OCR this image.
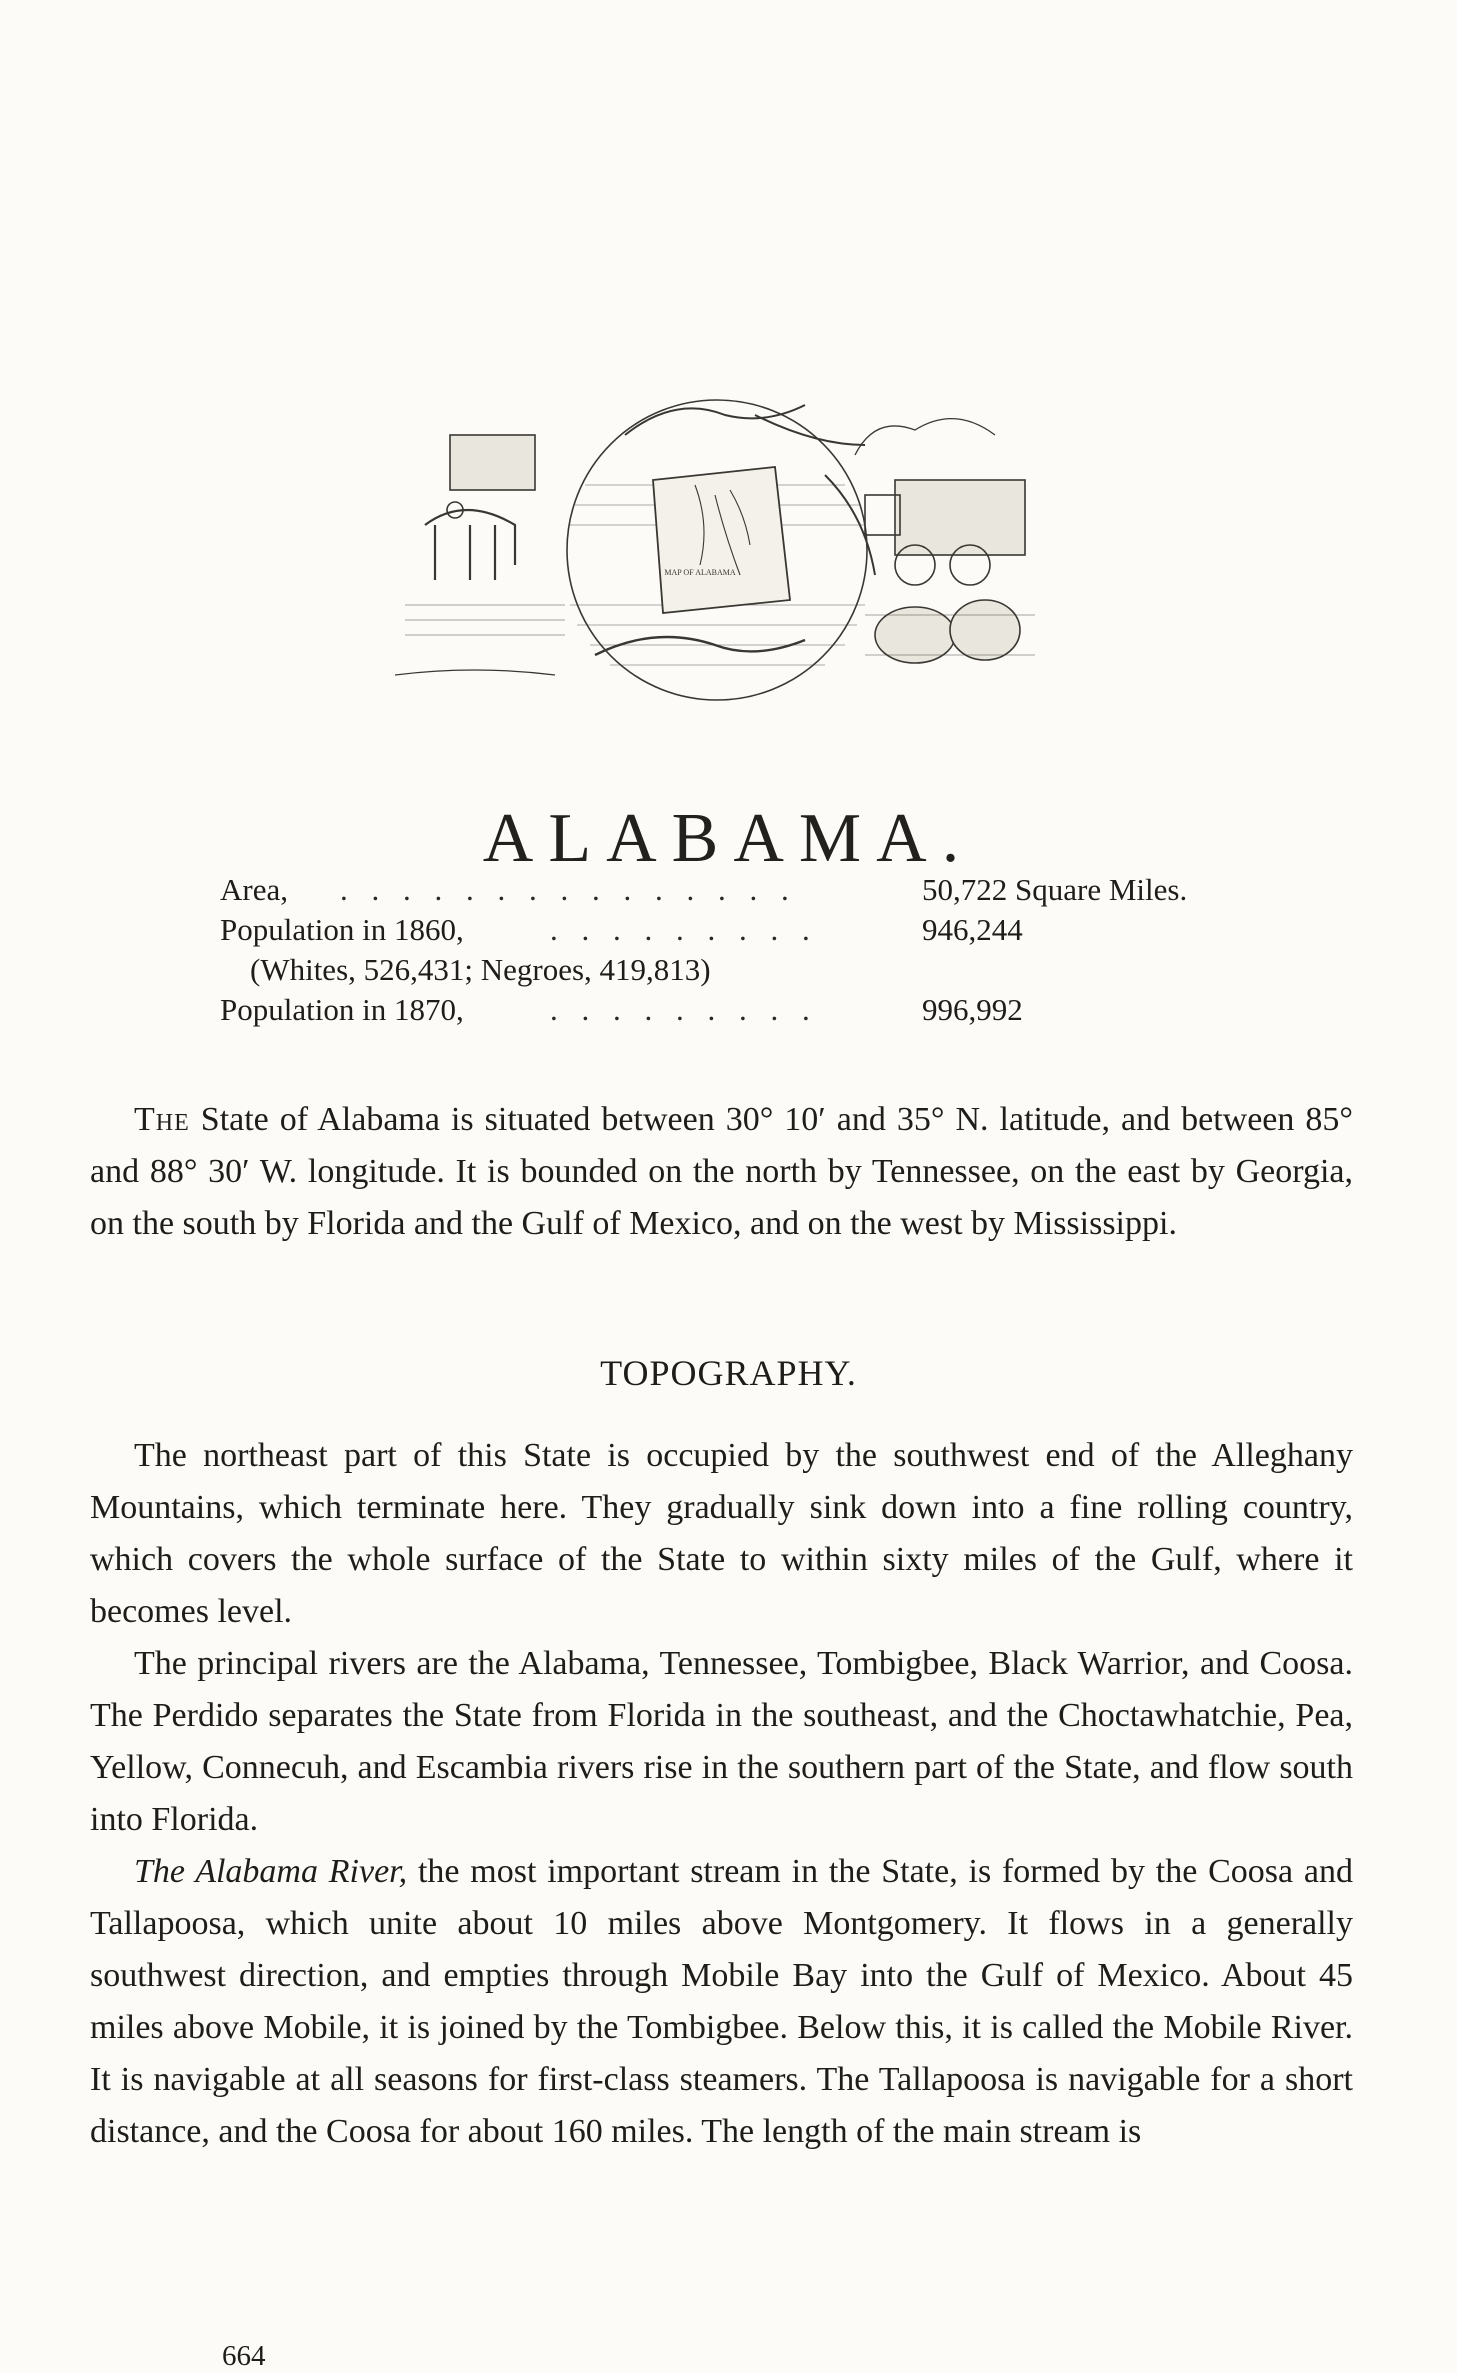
MAP OF ALABAMA
ALABAMA.
Area, . . . . . . . . . . . . . . .	50,722 Square Miles.
Population in 1860,	. . . . . . . . .	946,244
(Whites, 526,431; Negroes, 419,813)
Population in 1870,	. . . . . . . . .	996,992

The State of Alabama is situated between 30° 10′ and 35° N. latitude, and between 85° and 88° 30′ W. longitude. It is bounded on the north by Tennessee, on the east by Georgia, on the south by Florida and the Gulf of Mexico, and on the west by Mississippi.

TOPOGRAPHY.

The northeast part of this State is occupied by the southwest end of the Alleghany Mountains, which terminate here. They gradually sink down into a fine rolling country, which covers the whole surface of the State to within sixty miles of the Gulf, where it becomes level.

The principal rivers are the Alabama, Tennessee, Tombigbee, Black Warrior, and Coosa. The Perdido separates the State from Florida in the southeast, and the Choctawhatchie, Pea, Yellow, Connecuh, and Escambia rivers rise in the southern part of the State, and flow south into Florida.

The Alabama River, the most important stream in the State, is formed by the Coosa and Tallapoosa, which unite about 10 miles above Montgomery. It flows in a generally southwest direction, and empties through Mobile Bay into the Gulf of Mexico. About 45 miles above Mobile, it is joined by the Tombigbee. Below this, it is called the Mobile River. It is navigable at all seasons for first-class steamers. The Tallapoosa is navigable for a short distance, and the Coosa for about 160 miles. The length of the main stream is

664
